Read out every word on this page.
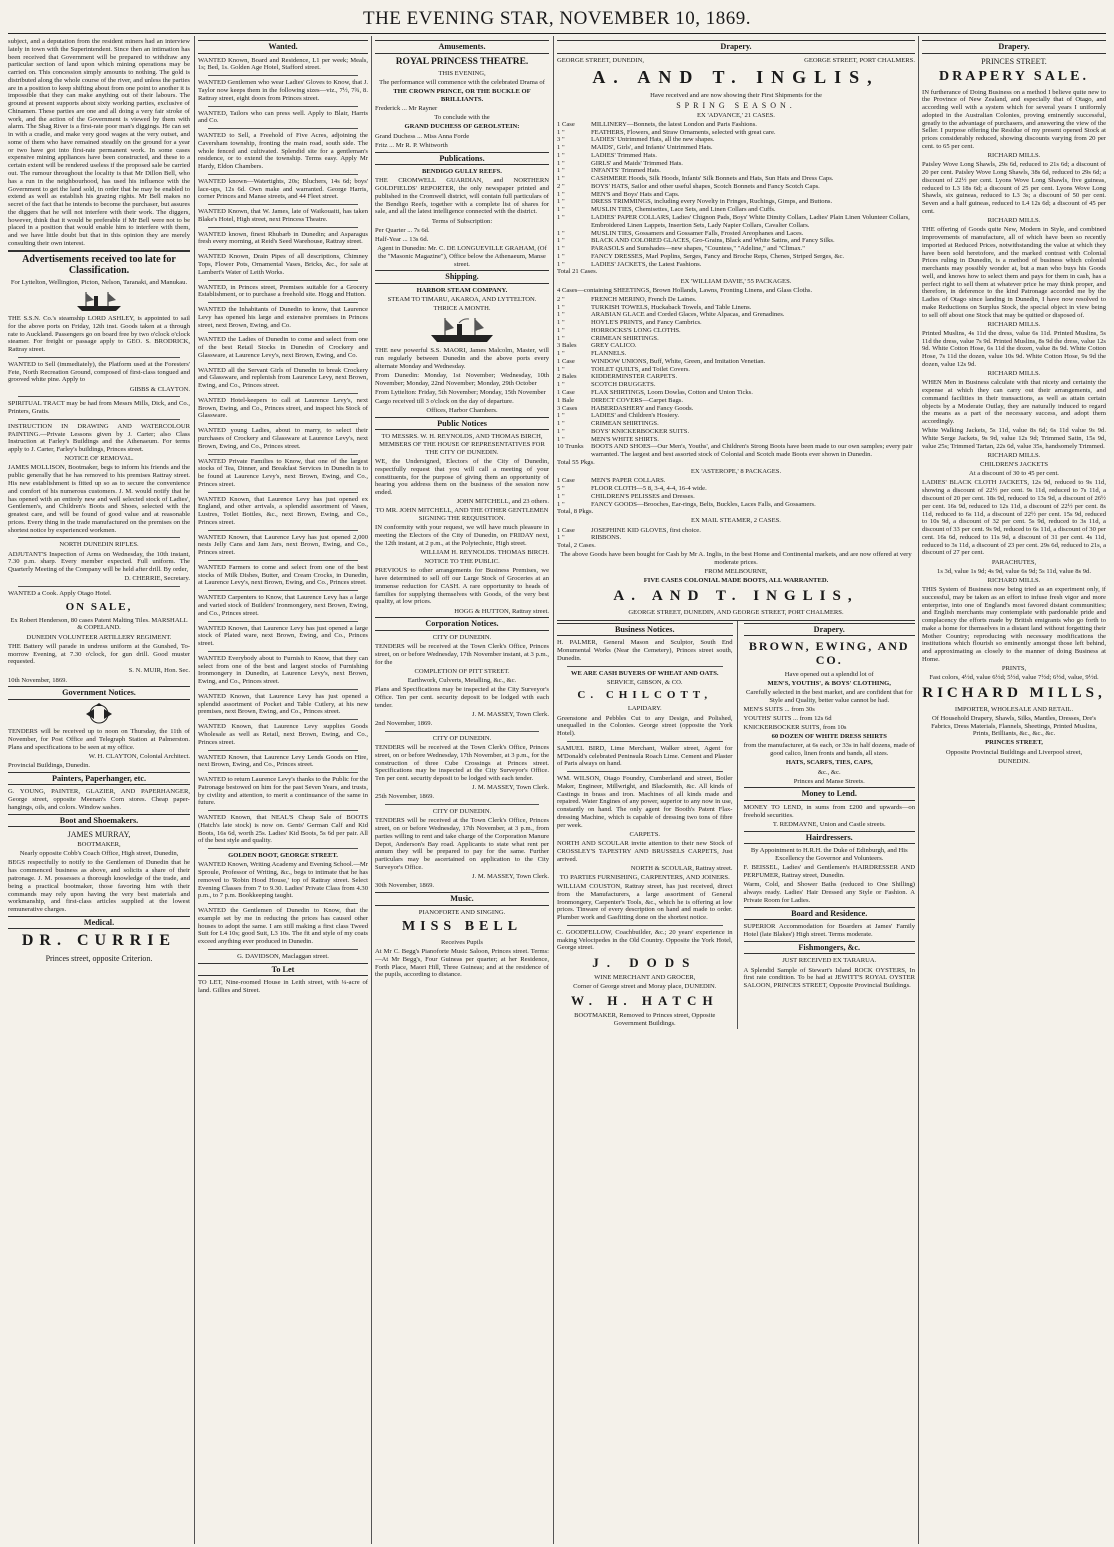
THE EVENING STAR, NOVEMBER 10, 1869.

subject, and a deputation from the resident miners had an interview lately in town with the Superintendent. Since then an intimation has been received that Government will be prepared to withdraw any particular section of land upon which mining operations may be carried on. This concession simply amounts to nothing. The gold is distributed along the whole course of the river, and unless the parties are in a position to keep shifting about from one point to another it is impossible that they can make anything out of their labours. The ground at present supports about sixty working parties, exclusive of Chinamen. These parties are one and all doing a very fair stroke of work, and the action of the Government is viewed by them with alarm. The Shag River is a first-rate poor man's diggings. He can set in with a cradle, and make very good wages at the very outset, and some of them who have remained steadily on the ground for a year or two have got into first-rate permanent work. In some cases expensive mining appliances have been constructed, and these to a certain extent will be rendered useless if the proposed sale be carried out. The rumour throughout the locality is that Mr Dillon Bell, who has a run in the neighbourhood, has used his influence with the Government to get the land sold, in order that he may be enabled to extend as well as establish his grazing rights. Mr Bell makes no secret of the fact that he intends to become the purchaser, but assures the diggers that he will not interfere with their work. The diggers, however, think that it would be preferable if Mr Bell were not to be placed in a position that would enable him to interfere with them, and we have little doubt but that in this opinion they are merely consulting their own interest.

Advertisements received too late for Classification.

For Lyttelton, Wellington, Picton, Nelson, Taranaki, and Manukau.

THE S.S.N. Co.'s steamship LORD ASHLEY, is appointed to sail for the above ports on Friday, 12th inst. Goods taken at a through rate to Auckland. Passengers go on board free by two o'clock o'clock steamer. For freight or passage apply to GEO. S. BRODRICK, Rattray street.

WANTED to Sell (immediately), the Platform used at the Foresters' Fete, North Recreation Ground, composed of first-class tongued and grooved white pine. Apply to

GIBBS & CLAYTON.

SPIRITUAL TRACT may be had from Messrs Mills, Dick, and Co., Printers, Gratis.

INSTRUCTION IN DRAWING AND WATERCOLOUR PAINTING.—Private Lessons given by J. Carter; also Class Instruction at Farley's Buildings and the Athenaeum. For terms apply to J. Carter, Farley's buildings, Princes street.

NOTICE OF REMOVAL.

JAMES MOLLISON, Bootmaker, begs to inform his friends and the public generally that he has removed to his premises Rattray street. His new establishment is fitted up so as to secure the convenience and comfort of his numerous customers. J. M. would notify that he has opened with an entirely new and well selected stock of Ladies', Gentlemen's, and Children's Boots and Shoes, selected with the greatest care, and will be found of good value and at reasonable prices. Every thing in the trade manufactured on the premises on the shortest notice by experienced workmen.

NORTH DUNEDIN RIFLES.

ADJUTANT'S Inspection of Arms on Wednesday, the 10th instant, 7.30 p.m. sharp. Every member expected. Full uniform. The Quarterly Meeting of the Company will be held after drill. By order,

D. CHERRIE, Secretary.

WANTED a Cook. Apply Otago Hotel.

ON SALE,

Ex Robert Henderson, 80 cases Patent Malting Tiles. MARSHALL & COPELAND.

DUNEDIN VOLUNTEER ARTILLERY REGIMENT.

THE Battery will parade in undress uniform at the Gunshed, To-morrow Evening, at 7.30 o'clock, for gun drill. Good muster requested.

S. N. MUIR, Hon. Sec.

10th November, 1869.

Government Notices.

TENDERS will be received up to noon on Thursday, the 11th of November, for Post Office and Telegraph Station at Palmerston. Plans and specifications to be seen at my office.

W. H. CLAYTON, Colonial Architect.

Provincial Buildings, Dunedin.

Painters, Paperhanger, etc.

G. YOUNG, PAINTER, GLAZIER, AND PAPERHANGER, George street, opposite Meenan's Corn stores. Cheap paper-hangings, oils, and colors. Window sashes.

Boot and Shoemakers.

JAMES MURRAY,

BOOTMAKER,

Nearly opposite Cobb's Coach Office, High street, Dunedin,

BEGS respectfully to notify to the Gentlemen of Dunedin that he has commenced business as above, and solicits a share of their patronage. J. M. possesses a thorough knowledge of the trade, and being a practical bootmaker, those favoring him with their commands may rely upon having the very best materials and workmanship, and first-class articles supplied at the lowest remunerative charges.

Medical.
DR. CURRIE

Princes street, opposite Criterion.

Wanted.

WANTED Known, Board and Residence, L1 per week; Meals, 1s; Bed, 1s. Golden Age Hotel, Stafford street.

WANTED Gentlemen who wear Ladies' Gloves to Know, that J. Taylor now keeps them in the following sizes—viz., 7½, 7¾, 8. Rattray street, eight doors from Princes street.

WANTED, Tailors who can press well. Apply to Blair, Harris and Co.

WANTED to Sell, a Freehold of Five Acres, adjoining the Caversham township, fronting the main road, south side. The whole fenced and cultivated. Splendid site for a gentleman's residence, or to extend the township. Terms easy. Apply Mr Hardy, Eldon Chambers.

WANTED known—Watertights, 20s; Bluchers, 14s 6d; boys' lace-ups, 12s 6d. Own make and warranted. George Harris, corner Princes and Manse streets, and 44 Fleet street.

WANTED Known, that W. James, late of Waikouaiti, has taken Blake's Hotel, High street, next Princess Theatre.

WANTED known, finest Rhubarb in Dunedin; and Asparagus fresh every morning, at Reid's Seed Warehouse, Rattray street.

WANTED Known, Drain Pipes of all descriptions, Chimney Tops, Flower Pots, Ornamental Vases, Bricks, &c., for sale at Lambert's Water of Leith Works.

WANTED, in Princes street, Premises suitable for a Grocery Establishment, or to purchase a freehold site. Hogg and Hutton.

WANTED the Inhabitants of Dunedin to know, that Laurence Levy has opened his large and extensive premises in Princes street, next Brown, Ewing, and Co.

WANTED the Ladies of Dunedin to come and select from one of the best Retail Stocks in Dunedin of Crockery and Glassware, at Laurence Levy's, next Brown, Ewing, and Co.

WANTED all the Servant Girls of Dunedin to break Crockery and Glassware, and replenish from Laurence Levy, next Brown, Ewing, and Co., Princes street.

WANTED Hotel-keepers to call at Laurence Levy's, next Brown, Ewing, and Co., Princes street, and inspect his Stock of Glassware.

WANTED young Ladies, about to marry, to select their purchases of Crockery and Glassware at Laurence Levy's, next Brown, Ewing, and Co., Princes street.

WANTED Private Families to Know, that one of the largest stocks of Tea, Dinner, and Breakfast Services in Dunedin is to be found at Laurence Levy's, next Brown, Ewing, and Co., Princes street.

WANTED Known, that Laurence Levy has just opened ex England, and other arrivals, a splendid assortment of Vases, Lustres, Toilet Bottles, &c., next Brown, Ewing, and Co., Princes street.

WANTED Known, that Laurence Levy has just opened 2,000 nests Jelly Cans and Jam Jars, next Brown, Ewing, and Co., Princes street.

WANTED Farmers to come and select from one of the best stocks of Milk Dishes, Butter, and Cream Crocks, in Dunedin, at Laurence Levy's, next Brown, Ewing, and Co., Princes street.

WANTED Carpenters to Know, that Laurence Levy has a large and varied stock of Builders' Ironmongery, next Brown, Ewing, and Co., Princes street.

WANTED Known, that Laurence Levy has just opened a large stock of Plated ware, next Brown, Ewing, and Co., Princes street.

WANTED Everybody about to Furnish to Know, that they can select from one of the best and largest stocks of Furnishing Ironmongery in Dunedin, at Laurence Levy's, next Brown, Ewing, and Co., Princes street.

WANTED Known, that Laurence Levy has just opened a splendid assortment of Pocket and Table Cutlery, at his new premises, next Brown, Ewing, and Co., Princes street.

WANTED Known, that Laurence Levy supplies Goods Wholesale as well as Retail, next Brown, Ewing, and Co., Princes street.

WANTED Known, that Laurence Levy Lends Goods on Hire, next Brown, Ewing, and Co., Princes street.

WANTED to return Laurence Levy's thanks to the Public for the Patronage bestowed on him for the past Seven Years, and trusts, by civility and attention, to merit a continuance of the same in future.

WANTED Known, that NEAL'S Cheap Sale of BOOTS (Hatch's late stock) is now on. Gents' German Calf and Kid Boots, 16s 6d, worth 25s. Ladies' Kid Boots, 5s 6d per pair. All of the best style and quality.

GOLDEN BOOT, GEORGE STREET.

WANTED Known, Writing Academy and Evening School.—Mr Sproule, Professor of Writing, &c., begs to intimate that he has removed to 'Robin Hood House,' top of Rattray street. Select Evening Classes from 7 to 9.30. Ladies' Private Class from 4.30 p.m., to 7 p.m. Bookkeeping taught.

WANTED the Gentlemen of Dunedin to Know, that the example set by me in reducing the prices has caused other houses to adopt the same. I am still making a first class Tweed Suit for L4 10s; good Suit, L3 10s. The fit and style of my coats exceed anything ever produced in Dunedin.

G. DAVIDSON, Maclaggan street.

To Let

TO LET, Nine-roomed House in Leith street, with ¼-acre of land. Gillies and Street.

Amusements.
ROYAL PRINCESS THEATRE.

THIS EVENING,

The performance will commence with the celebrated Drama of

THE CROWN PRINCE, OR THE BUCKLE OF BRILLIANTS.

Frederick ... Mr Rayner

To conclude with the

GRAND DUCHESS OF GEROLSTEIN:

Grand Duchess ... Miss Anna Forde

Fritz ... Mr R. P. Whitworth

Publications.

BENDIGO GULLY REEFS.

THE CROMWELL GUARDIAN, and NORTHERN GOLDFIELDS' REPORTER, the only newspaper printed and published in the Cromwell district, will contain full particulars of the Bendigo Reefs, together with a complete list of shares for sale, and all the latest intelligence connected with the district.

Terms of Subscription:

Per Quarter ... 7s 6d.

Half-Year ... 13s 6d.

Agent in Dunedin: Mr. C. DE LONGUEVILLE GRAHAM, (Of the "Masonic Magazine"), Office below the Athenaeum, Manse street.

Shipping.

HARBOR STEAM COMPANY.

STEAM TO TIMARU, AKAROA, AND LYTTELTON.

THRICE A MONTH.

THE new powerful S.S. MAORI, James Malcolm, Master, will run regularly between Dunedin and the above ports every alternate Monday and Wednesday.

From Dunedin: Monday, 1st November; Wednesday, 10th November; Monday, 22nd November; Monday, 29th October

From Lyttelton: Friday, 5th November; Monday, 15th November

Cargo received till 3 o'clock on the day of departure.

Offices, Harbor Chambers.

Public Notices

TO MESSRS. W. H. REYNOLDS, AND THOMAS BIRCH, MEMBERS OF THE HOUSE OF REPRESENTATIVES FOR THE CITY OF DUNEDIN.

WE, the Undersigned, Electors of the City of Dunedin, respectfully request that you will call a meeting of your constituents, for the purpose of giving them an opportunity of hearing you address them on the business of the session now ended.

JOHN MITCHELL, and 23 others.

TO MR. JOHN MITCHELL, AND THE OTHER GENTLEMEN SIGNING THE REQUISITION.

IN conformity with your request, we will have much pleasure in meeting the Electors of the City of Dunedin, on FRIDAY next, the 12th instant, at 2 p.m., at the Polytechnic, High street.

WILLIAM H. REYNOLDS. THOMAS BIRCH.

NOTICE TO THE PUBLIC.

PREVIOUS to other arrangements for Business Premises, we have determined to sell off our Large Stock of Groceries at an immense reduction for CASH. A rare opportunity to heads of families for supplying themselves with Goods, of the very best quality, at low prices.

HOGG & HUTTON, Rattray street.

Corporation Notices.

CITY OF DUNEDIN.

TENDERS will be received at the Town Clerk's Office, Princes street, on or before Wednesday, 17th November instant, at 3 p.m., for the

COMPLETION OF PITT STREET.

Earthwork, Culverts, Metalling, &c., &c.

Plans and Specifications may be inspected at the City Surveyor's Office. Ten per cent. security deposit to be lodged with each tender.

J. M. MASSEY, Town Clerk.

2nd November, 1869.

CITY OF DUNEDIN.

TENDERS will be received at the Town Clerk's Office, Princes street, on or before Wednesday, 17th November, at 3 p.m., for the construction of three Cube Crossings at Princes street. Specifications may be inspected at the City Surveyor's Office. Ten per cent. security deposit to be lodged with each tender.

J. M. MASSEY, Town Clerk.

25th November, 1869.

CITY OF DUNEDIN.

TENDERS will be received at the Town Clerk's Office, Princes street, on or before Wednesday, 17th November, at 3 p.m., from parties willing to rent and take charge of the Corporation Manure Depot, Anderson's Bay road. Applicants to state what rent per annum they will be prepared to pay for the same. Further particulars may be ascertained on application to the City Surveyor's Office.

J. M. MASSEY, Town Clerk.

30th November, 1869.

Music.

PIANOFORTE AND SINGING.

MISS BELL

Receives Pupils

At Mr C. Begg's Pianoforte Music Saloon, Princes street. Terms:—At Mr Begg's, Four Guineas per quarter; at her Residence, Forth Place, Maori Hill, Three Guineas; and at the residence of the pupils, according to distance.

Drapery.
GEORGE STREET, DUNEDIN,	GEORGE STREET, PORT CHALMERS.
A. AND T. INGLIS,

Have received and are now showing their First Shipments for the

SPRING SEASON.

EX 'ADVANCE,' 21 CASES.

1 Case	MILLINERY—Bonnets, the latest London and Paris Fashions.
1 "	FEATHERS, Flowers, and Straw Ornaments, selected with great care.
3 "	LADIES' Untrimmed Hats, all the new shapes.
1 "	MAIDS', Girls', and Infants' Untrimmed Hats.
1 "	LADIES' Trimmed Hats.
1 "	GIRLS' and Maids' Trimmed Hats.
1 "	INFANTS' Trimmed Hats.
1 "	CASHMERE Hoods, Silk Hoods, Infants' Silk Bonnets and Hats, Sun Hats and Dress Caps.
2 "	BOYS' HATS, Sailor and other useful shapes, Scotch Bonnets and Fancy Scotch Caps.
1 "	MEN'S and Boys' Hats and Caps.
1 "	DRESS TRIMMINGS, including every Novelty in Fringes, Ruchings, Gimps, and Buttons.
1 "	MUSLIN TIES, Chemisettes, Lace Sets, and Linen Collars and Cuffs.
1 "	LADIES' PAPER COLLARS, Ladies' Chignon Pads, Boys' White Dimity Collars, Ladies' Plain Linen Volunteer Collars, Embroidered Linen Lappets, Insertion Sets, Lady Napier Collars, Cavalier Collars.
1 "	MUSLIN TIES, Gossamers and Gossamer Falls, Frosted Areophanes and Laces.
1 "	BLACK AND COLORED GLACES, Gro-Grains, Black and White Satins, and Fancy Silks.
1 "	PARASOLS and Sunshades—new shapes, "Countess," "Adeline," and "Climax."
1 "	FANCY DRESSES, Marl Poplins, Serges, Fancy and Broche Reps, Chenes, Striped Serges, &c.
1 "	LADIES' JACKETS, the Latest Fashions.

Total 21 Cases.

EX 'WILLIAM DAVIE,' 55 PACKAGES.

4 Cases—containing SHEETINGS, Brown Hollands, Lawns, Fronting Linens, and Glass Cloths.

2 "	FRENCH MERINO, French De Laines.
1 "	TURKISH TOWELS, Huckaback Towels, and Table Linens.
1 "	ARABIAN GLACE and Corded Glaces, White Alpacas, and Grenadines.
1 "	HOYLE'S PRINTS, and Fancy Cambrics.
1 "	HORROCKS'S LONG CLOTHS.
1 "	CRIMEAN SHIRTINGS.
3 Bales	GREY CALICO.
1 "	FLANNELS.
1 Case	WINDOW UNIONS, Buff, White, Green, and Imitation Venetian.
1 "	TOILET QUILTS, and Toilet Covers.
2 Bales	KIDDERMINSTER CARPETS.
1 "	SCOTCH DRUGGETS.
1 Case	FLAX SHIRTINGS, Loom Dowlas, Cotton and Union Ticks.
1 Bale	DIRECT COVERS—Carpet Bags.
3 Cases	HABERDASHERY and Fancy Goods.
1 "	LADIES' and Children's Hosiery.
1 "	CRIMEAN SHIRTINGS.
1 "	BOYS' KNICKERBOCKER SUITS.
1 "	MEN'S WHITE SHIRTS.
10 Trunks	BOOTS AND SHOES—Our Men's, Youths', and Children's Strong Boots have been made to our own samples; every pair warranted. The largest and best assorted stock of Colonial and Scotch made Boots ever shown in Dunedin.

Total 55 Pkgs.

EX 'ASTEROPE,' 8 PACKAGES.

1 Case	MEN'S PAPER COLLARS.
5 "	FLOOR CLOTH—5 8, 3-4, 4-4, 16-4 wide.
1 "	CHILDREN'S PELISSES and Dresses.
1 "	FANCY GOODS—Brooches, Ear-rings, Belts, Buckles, Laces Falls, and Gossamers.

Total, 8 Pkgs.

EX MAIL STEAMER, 2 CASES.

1 Case	JOSEPHINE KID GLOVES, first choice.
1 "	RIBBONS.

Total, 2 Cases.

The above Goods have been bought for Cash by Mr A. Inglis, in the best Home and Continental markets, and are now offered at very moderate prices.

FROM MELBOURNE,

FIVE CASES COLONIAL MADE BOOTS, ALL WARRANTED.

A. AND T. INGLIS,

GEORGE STREET, DUNEDIN, AND GEORGE STREET, PORT CHALMERS.

Business Notices.

H. PALMER, General Mason and Sculptor, South End Monumental Works (Near the Cemetery), Princes street south, Dunedin.

WE ARE CASH BUYERS OF WHEAT AND OATS.

SERVICE, GIBSON, & CO.

C. CHILCOTT,

LAPIDARY.

Greenstone and Pebbles Cut to any Design, and Polished, unequalled in the Colonies. George street (opposite the York Hotel).

SAMUEL BIRD, Lime Merchant, Walker street, Agent for M'Donald's celebrated Peninsula Roach Lime. Cement and Plaster of Paris always on hand.

WM. WILSON, Otago Foundry, Cumberland and street, Boiler Maker, Engineer, Millwright, and Blacksmith, &c. All kinds of Castings in brass and iron. Machines of all kinds made and repaired. Water Engines of any power, superior to any now in use, constantly on hand. The only agent for Booth's Patent Flax-dressing Machine, which is capable of dressing two tons of fibre per week.

CARPETS.

NORTH AND SCOULAR invite attention to their new Stock of CROSSLEY'S TAPESTRY AND BRUSSELS CARPETS, Just arrived.

NORTH & SCOULAR, Rattray street.

TO PARTIES FURNISHING, CARPENTERS, AND JOINERS.

WILLIAM COUSTON, Rattray street, has just received, direct from the Manufacturers, a large assortment of General Ironmongery, Carpenter's Tools, &c., which he is offering at low prices. Tinware of every description on hand and made to order. Plumber work and Gasfitting done on the shortest notice.

C. GOODFELLOW, Coachbuilder, &c.; 20 years' experience in making Velocipedes in the Old Country. Opposite the York Hotel, George street.

J. DODS

WINE MERCHANT AND GROCER,

Corner of George street and Moray place, DUNEDIN.

W. H. HATCH

BOOTMAKER, Removed to Princes street, Opposite Government Buildings.

Drapery.
BROWN, EWING, AND CO.

Have opened out a splendid lot of

MEN'S, YOUTHS', & BOYS' CLOTHING,

Carefully selected in the best market, and are confident that for Style and Quality, better value cannot be had.

MEN'S SUITS ... from 30s

YOUTHS' SUITS ... from 12s 6d

KNICKERBOCKER SUITS, from 10s

60 DOZEN OF WHITE DRESS SHIRTS

from the manufacturer, at 6s each, or 33s in half dozens, made of good calico, linen fronts and bands, all sizes.

HATS, SCARFS, TIES, CAPS,

&c., &c.

Princes and Manse Streets.

Money to Lend.

MONEY TO LEND, in sums from £200 and upwards—on freehold securities.

T. REDMAYNE, Union and Castle streets.

Hairdressers.

By Appointment to H.R.H. the Duke of Edinburgh, and His Excellency the Governor and Volunteers.

F. BEISSEL, Ladies' and Gentlemen's HAIRDRESSER AND PERFUMER, Rattray street, Dunedin.

Warm, Cold, and Shower Baths (reduced to One Shilling) always ready. Ladies' Hair Dressed any Style or Fashion. A Private Room for Ladies.

Board and Residence.

SUPERIOR Accommodation for Boarders at James' Family Hotel (late Blakes') High street. Terms moderate.

Fishmongers, &c.

JUST RECEIVED EX TARARUA.

A Splendid Sample of Stewart's Island ROCK OYSTERS, In first rate condition. To be had at JEWITT'S ROYAL OYSTER SALOON, PRINCES STREET, Opposite Provincial Buildings.

Drapery.

PRINCES STREET.

DRAPERY SALE.

IN furtherance of Doing Business on a method I believe quite new to the Province of New Zealand, and especially that of Otago, and according well with a system which for several years I uniformly adopted in the Australian Colonies, proving eminently successful, greatly to the advantage of purchasers, and answering the view of the Seller. I purpose offering the Residue of my present opened Stock at prices considerably reduced, showing discounts varying from 20 per cent. to 65 per cent.

RICHARD MILLS.

Paisley Wove Long Shawls, 29s 6d, reduced to 21s 6d; a discount of 20 per cent. Paisley Wove Long Shawls, 38s 6d, reduced to 29s 6d; a discount of 22½ per cent. Lyons Wove Long Shawls, five guineas, reduced to L3 18s 6d; a discount of 25 per cent. Lyons Wove Long Shawls, six guineas, reduced to L3 3s; a discount of 50 per cent. Seven and a half guineas, reduced to L4 12s 6d; a discount of 45 per cent.

RICHARD MILLS.

THE offering of Goods quite New, Modern in Style, and combined improvements of manufacture, all of which have been so recently imported at Reduced Prices, notwithstanding the value at which they have been sold heretofore, and the marked contrast with Colonial Prices ruling in Dunedin, is a method of business which colonial merchants may possibly wonder at, but a man who buys his Goods well, and knows how to select them and pays for them in cash, has a perfect right to sell them at whatever price he may think proper, and therefore, in deference to the kind Patronage accorded me by the Ladies of Otago since landing in Dunedin, I have now resolved to make Reductions on Surplus Stock, the special object in view being to sell off about one Stock that may be quitted or disposed of.

RICHARD MILLS.

Printed Muslins, 4s 11d the dress, value 6s 11d. Printed Muslins, 5s 11d the dress, value 7s 9d. Printed Muslins, 8s 9d the dress, value 12s 9d. White Cotton Hose, 6s 11d the dozen, value 8s 9d. White Cotton Hose, 7s 11d the dozen, value 10s 9d. White Cotton Hose, 9s 9d the dozen, value 12s 9d.

RICHARD MILLS.

WHEN Men in Business calculate with that nicety and certainty the expense at which they can carry out their arrangements, and command facilities in their transactions, as well as attain certain objects by a Moderate Outlay, they are naturally induced to regard the means as a part of the necessary success, and adopt them accordingly.

White Walking Jackets, 5s 11d, value 8s 6d; 6s 11d value 9s 9d. White Serge Jackets, 9s 9d, value 12s 9d; Trimmed Satin, 15s 9d, value 25s; Trimmed Tartan, 22s 6d, value 35s, handsomely Trimmed.

RICHARD MILLS.

CHILDREN'S JACKETS

At a discount of 30 to 45 per cent.

LADIES' BLACK CLOTH JACKETS, 12s 9d, reduced to 9s 11d, showing a discount of 22½ per cent. 9s 11d, reduced to 7s 11d, a discount of 20 per cent. 18s 9d, reduced to 13s 9d, a discount of 26½ per cent. 16s 9d, reduced to 12s 11d, a discount of 22½ per cent. 8s 11d, reduced to 6s 11d, a discount of 22½ per cent. 15s 9d, reduced to 10s 9d, a discount of 32 per cent. 5s 9d, reduced to 3s 11d, a discount of 33 per cent. 9s 9d, reduced to 6s 11d, a discount of 30 per cent. 16s 6d, reduced to 11s 9d, a discount of 31 per cent. 4s 11d, reduced to 3s 11d, a discount of 23 per cent. 29s 6d, reduced to 21s, a discount of 27 per cent.

PARACHUTES,

1s 3d, value 1s 9d; 4s 9d, value 6s 9d; 5s 11d, value 8s 9d.

RICHARD MILLS.

THIS System of Business now being tried as an experiment only, if successful, may be taken as an effort to infuse fresh vigor and more enterprise, into one of England's most favored distant communities; and English merchants may contemplate with pardonable pride and complacency the efforts made by British emigrants who go forth to make a home for themselves in a distant land without forgetting their Mother Country; reproducing with necessary modifications the institutions which flourish so eminently amongst those left behind, and approximating as closely to the manner of doing Business at Home.

PRINTS,

Fast colors, 4½d, value 6½d; 5½d, value 7½d; 6½d, value, 9½d.

RICHARD MILLS,

IMPORTER, WHOLESALE AND RETAIL.

Of Household Drapery, Shawls, Silks, Mantles, Dresses, Dre's Fabrics, Dress Materials, Flannels, Sheetings, Printed Muslins, Prints, Brilliants, &c., &c., &c.

PRINCES STREET,

Opposite Provincial Buildings and Liverpool street,

DUNEDIN.
